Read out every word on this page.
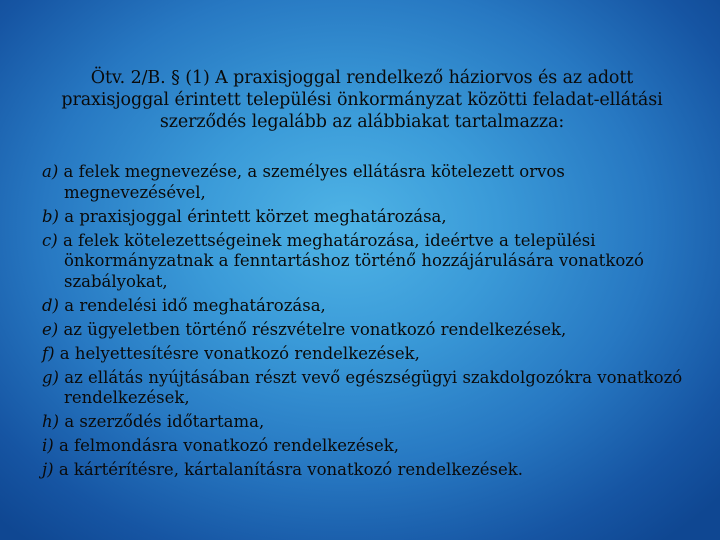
Ötv. 2/B. § (1) A praxisjoggal rendelkező háziorvos és az adott praxisjoggal érintett települési önkormányzat közötti feladat-ellátási szerződés legalább az alábbiakat tartalmazza:
a) a felek megnevezése, a személyes ellátásra kötelezett orvos megnevezésével,
b) a praxisjoggal érintett körzet meghatározása,
c) a felek kötelezettségeinek meghatározása, ideértve a települési önkormányzatnak a fenntartáshoz történő hozzájárulására vonatkozó szabályokat,
d) a rendelési idő meghatározása,
e) az ügyeletben történő részvételre vonatkozó rendelkezések,
f) a helyettesítésre vonatkozó rendelkezések,
g) az ellátás nyújtásában részt vevő egészségügyi szakdolgozókra vonatkozó rendelkezések,
h) a szerződés időtartama,
i) a felmondásra vonatkozó rendelkezések,
j) a kártérítésre, kártalanításra vonatkozó rendelkezések.
